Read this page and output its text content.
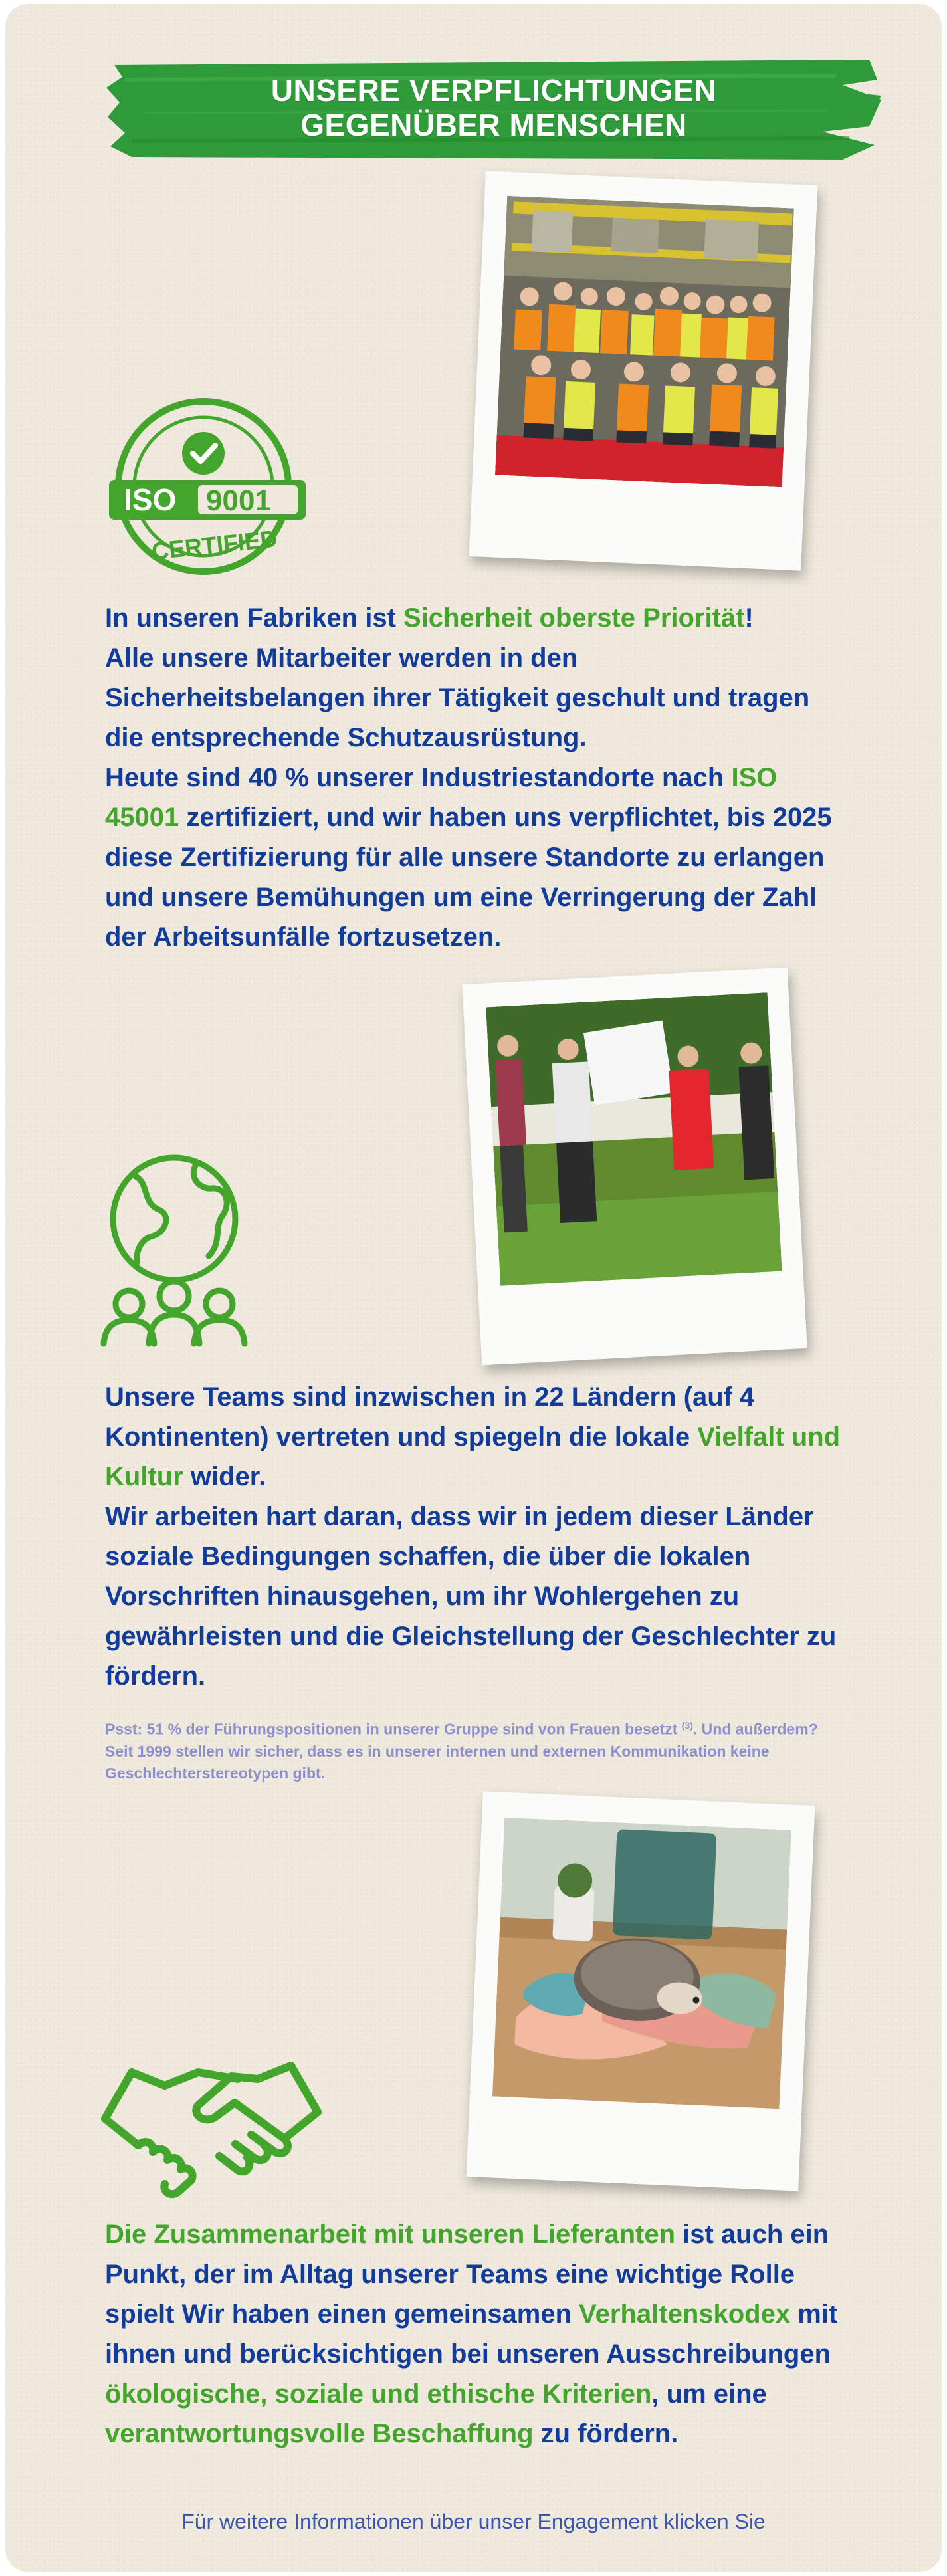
UNSERE VERPFLICHTUNGEN
GEGENÜBER MENSCHEN
ISO 9001
CERTIFIED
In unseren Fabriken ist Sicherheit oberste Priorität!
Alle unsere Mitarbeiter werden in den Sicherheitsbelangen ihrer Tätigkeit geschult und tragen die entsprechende Schutzausrüstung.
Heute sind 40 % unserer Industriestandorte nach ISO 45001 zertifiziert, und wir haben uns verpflichtet, bis 2025 diese Zertifizierung für alle unsere Standorte zu erlangen und unsere Bemühungen um eine Verringerung der Zahl der Arbeitsunfälle fortzusetzen.
Unsere Teams sind inzwischen in 22 Ländern (auf 4 Kontinenten) vertreten und spiegeln die lokale Vielfalt und Kultur wider.
Wir arbeiten hart daran, dass wir in jedem dieser Länder soziale Bedingungen schaffen, die über die lokalen Vorschriften hinausgehen, um ihr Wohlergehen zu gewährleisten und die Gleichstellung der Geschlechter zu fördern.
Psst: 51 % der Führungspositionen in unserer Gruppe sind von Frauen besetzt $^{(3)}$. Und außerdem? Seit 1999 stellen wir sicher, dass es in unserer internen und externen Kommunikation keine Geschlechterstereotypen gibt.
Die Zusammenarbeit mit unseren Lieferanten ist auch ein Punkt, der im Alltag unserer Teams eine wichtige Rolle spielt Wir haben einen gemeinsamen Verhaltenskodex mit ihnen und berücksichtigen bei unseren Ausschreibungen ökologische, soziale und ethische Kriterien, um eine verantwortungsvolle Beschaffung zu fördern.
Für weitere Informationen über unser Engagement klicken Sie
